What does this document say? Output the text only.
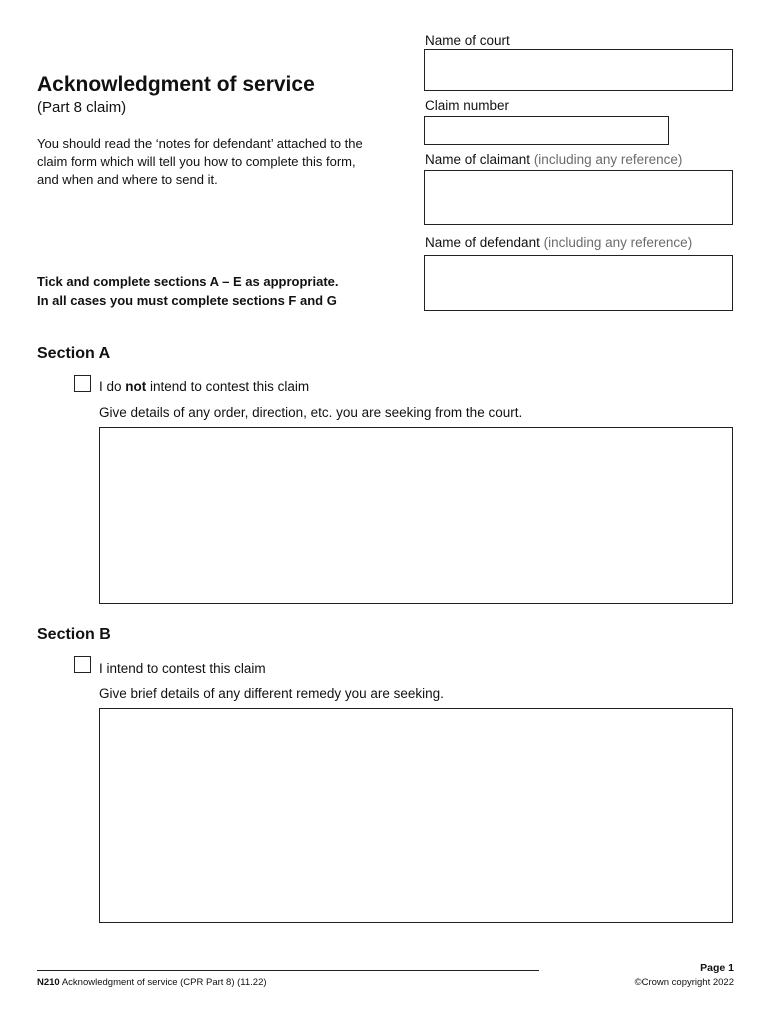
Acknowledgment of service
(Part 8 claim)
You should read the ‘notes for defendant’ attached to the claim form which will tell you how to complete this form, and when and where to send it.
Tick and complete sections A – E as appropriate.
In all cases you must complete sections F and G
Name of court
Claim number
Name of claimant (including any reference)
Name of defendant (including any reference)
Section A
I do not intend to contest this claim
Give details of any order, direction, etc. you are seeking from the court.
Section B
I intend to contest this claim
Give brief details of any different remedy you are seeking.
N210 Acknowledgment of service (CPR Part 8) (11.22)
Page 1
©Crown copyright 2022
